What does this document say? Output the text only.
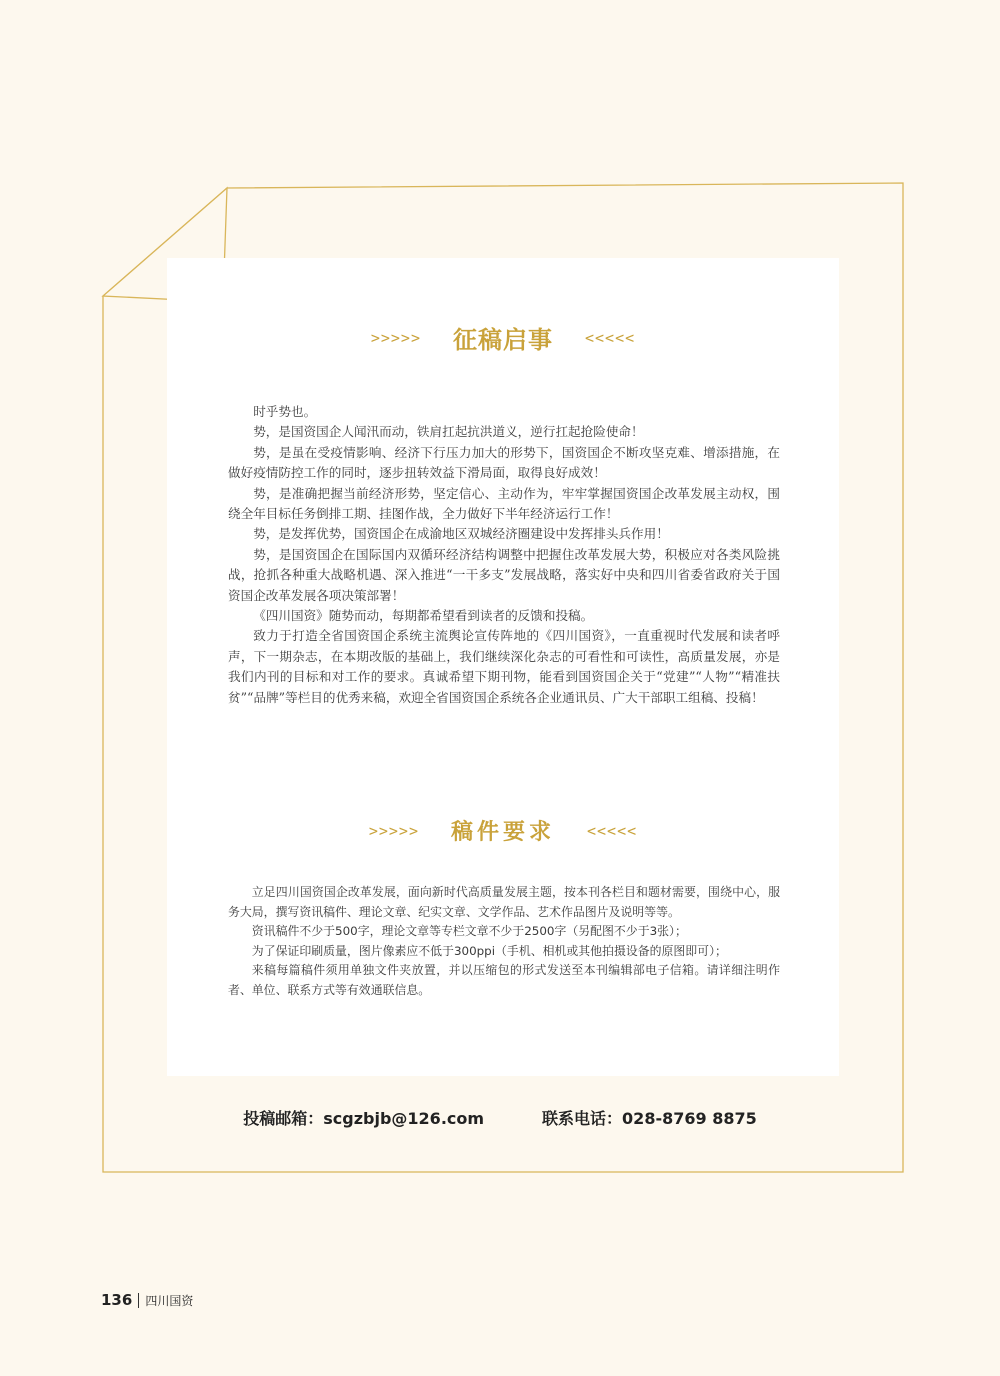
>>>>> 征稿启事 <<<<<

时乎势也。

势，是国资国企人闻汛而动，铁肩扛起抗洪道义，逆行扛起抢险使命！

势，是虽在受疫情影响、经济下行压力加大的形势下，国资国企不断攻坚克难、增添措施，在做好疫情防控工作的同时，逐步扭转效益下滑局面，取得良好成效！

势，是准确把握当前经济形势，坚定信心、主动作为，牢牢掌握国资国企改革发展主动权，围绕全年目标任务倒排工期、挂图作战，全力做好下半年经济运行工作！

势，是发挥优势，国资国企在成渝地区双城经济圈建设中发挥排头兵作用！

势，是国资国企在国际国内双循环经济结构调整中把握住改革发展大势，积极应对各类风险挑战，抢抓各种重大战略机遇、深入推进“一干多支”发展战略，落实好中央和四川省委省政府关于国资国企改革发展各项决策部署！

《四川国资》随势而动，每期都希望看到读者的反馈和投稿。

致力于打造全省国资国企系统主流舆论宣传阵地的《四川国资》，一直重视时代发展和读者呼声，下一期杂志，在本期改版的基础上，我们继续深化杂志的可看性和可读性，高质量发展，亦是我们内刊的目标和对工作的要求。真诚希望下期刊物，能看到国资国企关于“党建”“人物”“精准扶贫”“品牌”等栏目的优秀来稿，欢迎全省国资国企系统各企业通讯员、广大干部职工组稿、投稿！

>>>>> 稿件要求 <<<<<

立足四川国资国企改革发展，面向新时代高质量发展主题，按本刊各栏目和题材需要，围绕中心，服务大局，撰写资讯稿件、理论文章、纪实文章、文学作品、艺术作品图片及说明等等。

资讯稿件不少于500字，理论文章等专栏文章不少于2500字（另配图不少于3张）；

为了保证印刷质量，图片像素应不低于300ppi（手机、相机或其他拍摄设备的原图即可）；

来稿每篇稿件须用单独文件夹放置，并以压缩包的形式发送至本刊编辑部电子信箱。请详细注明作者、单位、联系方式等有效通联信息。

投稿邮箱：scgzbjb@126.com	联系电话：028-8769 8875
136 四川国资
